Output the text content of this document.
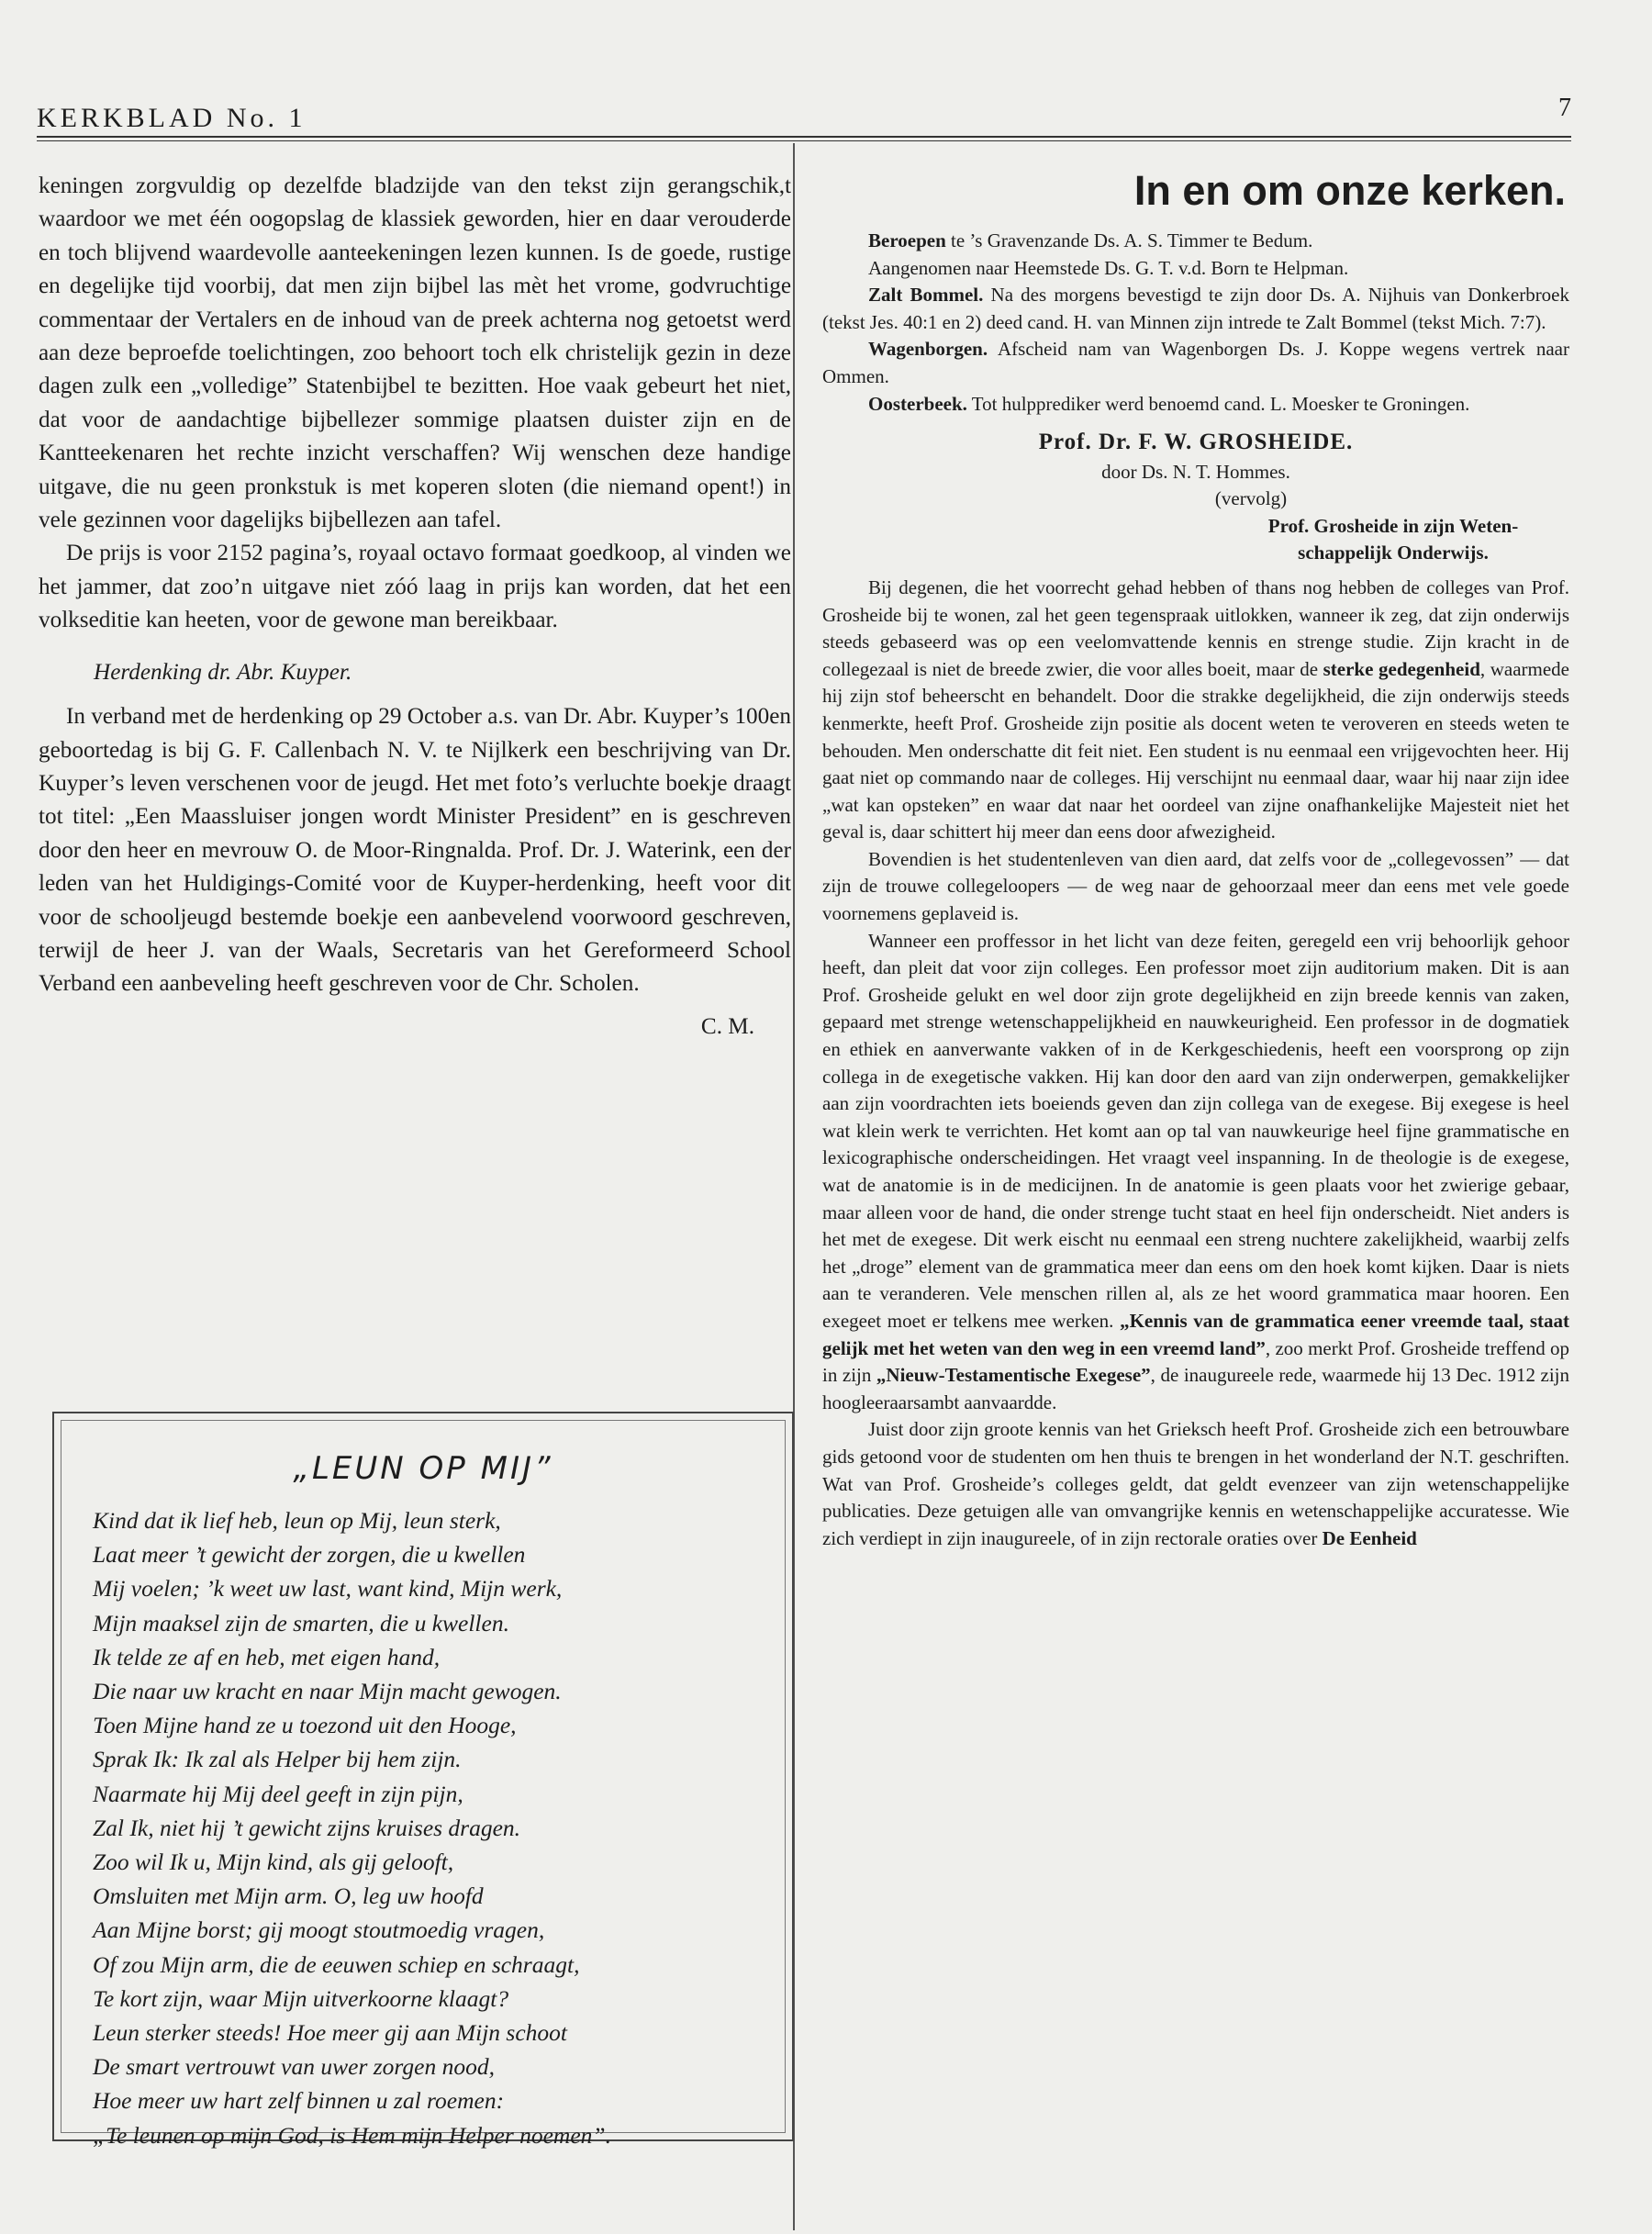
KERKBLAD No. 1	7

keningen zorgvuldig op dezelfde bladzijde van den tekst zijn gerangschik,t waardoor we met één oogopslag de klassiek geworden, hier en daar verouderde en toch blijvend waardevolle aanteekeningen lezen kunnen. Is de goede, rustige en degelijke tijd voorbij, dat men zijn bijbel las mèt het vrome, godvruchtige commentaar der Vertalers en de inhoud van de preek achterna nog getoetst werd aan deze beproefde toelichtingen, zoo behoort toch elk christelijk gezin in deze dagen zulk een „volledige” Statenbijbel te bezitten. Hoe vaak gebeurt het niet, dat voor de aandachtige bijbellezer sommige plaatsen duister zijn en de Kantteekenaren het rechte inzicht verschaffen? Wij wenschen deze handige uitgave, die nu geen pronkstuk is met koperen sloten (die niemand opent!) in vele gezinnen voor dagelijks bijbellezen aan tafel.

De prijs is voor 2152 pagina’s, royaal octavo formaat goedkoop, al vinden we het jammer, dat zoo’n uitgave niet zóó laag in prijs kan worden, dat het een volkseditie kan heeten, voor de gewone man bereikbaar.

Herdenking dr. Abr. Kuyper.

In verband met de herdenking op 29 October a.s. van Dr. Abr. Kuyper’s 100en geboortedag is bij G. F. Callenbach N. V. te Nijlkerk een beschrijving van Dr. Kuyper’s leven verschenen voor de jeugd. Het met foto’s verluchte boekje draagt tot titel: „Een Maassluiser jongen wordt Minister President” en is geschreven door den heer en mevrouw O. de Moor-Ringnalda. Prof. Dr. J. Waterink, een der leden van het Huldigings-Comité voor de Kuyper-herdenking, heeft voor dit voor de schooljeugd bestemde boekje een aanbevelend voorwoord geschreven, terwijl de heer J. van der Waals, Secretaris van het Gereformeerd School Verband een aanbeveling heeft geschreven voor de Chr. Scholen.

C. M.

„LEUN OP MIJ”
Kind dat ik lief heb, leun op Mij, leun sterk,
Laat meer ’t gewicht der zorgen, die u kwellen
Mij voelen; ’k weet uw last, want kind, Mijn werk,
Mijn maaksel zijn de smarten, die u kwellen.
Ik telde ze af en heb, met eigen hand,
Die naar uw kracht en naar Mijn macht gewogen.
Toen Mijne hand ze u toezond uit den Hooge,
Sprak Ik: Ik zal als Helper bij hem zijn.
Naarmate hij Mij deel geeft in zijn pijn,
Zal Ik, niet hij ’t gewicht zijns kruises dragen.
Zoo wil Ik u, Mijn kind, als gij gelooft,
Omsluiten met Mijn arm. O, leg uw hoofd
Aan Mijne borst; gij moogt stoutmoedig vragen,
Of zou Mijn arm, die de eeuwen schiep en schraagt,
Te kort zijn, waar Mijn uitverkoorne klaagt?
Leun sterker steeds! Hoe meer gij aan Mijn schoot
De smart vertrouwt van uwer zorgen nood,
Hoe meer uw hart zelf binnen u zal roemen:
„Te leunen op mijn God, is Hem mijn Helper noemen”.
In en om onze kerken.

Beroepen te ’s Gravenzande Ds. A. S. Timmer te Bedum.

Aangenomen naar Heemstede Ds. G. T. v.d. Born te Helpman.

Zalt Bommel. Na des morgens bevestigd te zijn door Ds. A. Nijhuis van Donkerbroek (tekst Jes. 40:1 en 2) deed cand. H. van Minnen zijn intrede te Zalt Bommel (tekst Mich. 7:7).

Wagenborgen. Afscheid nam van Wagenborgen Ds. J. Koppe wegens vertrek naar Ommen.

Oosterbeek. Tot hulpprediker werd benoemd cand. L. Moesker te Groningen.

Prof. Dr. F. W. GROSHEIDE.
door Ds. N. T. Hommes.
(vervolg)
Prof. Grosheide in zijn Weten-
schappelijk Onderwijs.

Bij degenen, die het voorrecht gehad hebben of thans nog hebben de colleges van Prof. Grosheide bij te wonen, zal het geen tegenspraak uitlokken, wanneer ik zeg, dat zijn onderwijs steeds gebaseerd was op een veelomvattende kennis en strenge studie. Zijn kracht in de collegezaal is niet de breede zwier, die voor alles boeit, maar de sterke gedegenheid, waarmede hij zijn stof beheerscht en behandelt. Door die strakke degelijkheid, die zijn onderwijs steeds kenmerkte, heeft Prof. Grosheide zijn positie als docent weten te veroveren en steeds weten te behouden. Men onderschatte dit feit niet. Een student is nu eenmaal een vrijgevochten heer. Hij gaat niet op commando naar de colleges. Hij verschijnt nu eenmaal daar, waar hij naar zijn idee „wat kan opsteken” en waar dat naar het oordeel van zijne onafhankelijke Majesteit niet het geval is, daar schittert hij meer dan eens door afwezigheid.

Bovendien is het studentenleven van dien aard, dat zelfs voor de „collegevossen” — dat zijn de trouwe collegeloopers — de weg naar de gehoorzaal meer dan eens met vele goede voornemens geplaveid is.

Wanneer een proffessor in het licht van deze feiten, geregeld een vrij behoorlijk gehoor heeft, dan pleit dat voor zijn colleges. Een professor moet zijn auditorium maken. Dit is aan Prof. Grosheide gelukt en wel door zijn grote degelijkheid en zijn breede kennis van zaken, gepaard met strenge wetenschappelijkheid en nauwkeurigheid. Een professor in de dogmatiek en ethiek en aanverwante vakken of in de Kerkgeschiedenis, heeft een voorsprong op zijn collega in de exegetische vakken. Hij kan door den aard van zijn onderwerpen, gemakkelijker aan zijn voordrachten iets boeiends geven dan zijn collega van de exegese. Bij exegese is heel wat klein werk te verrichten. Het komt aan op tal van nauwkeurige heel fijne grammatische en lexicographische onderscheidingen. Het vraagt veel inspanning. In de theologie is de exegese, wat de anatomie is in de medicijnen. In de anatomie is geen plaats voor het zwierige gebaar, maar alleen voor de hand, die onder strenge tucht staat en heel fijn onderscheidt. Niet anders is het met de exegese. Dit werk eischt nu eenmaal een streng nuchtere zakelijkheid, waarbij zelfs het „droge” element van de grammatica meer dan eens om den hoek komt kijken. Daar is niets aan te veranderen. Vele menschen rillen al, als ze het woord grammatica maar hooren. Een exegeet moet er telkens mee werken. „Kennis van de grammatica eener vreemde taal, staat gelijk met het weten van den weg in een vreemd land”, zoo merkt Prof. Grosheide treffend op in zijn „Nieuw-Testamentische Exegese”, de inaugureele rede, waarmede hij 13 Dec. 1912 zijn hoogleeraarsambt aanvaardde.

Juist door zijn groote kennis van het Grieksch heeft Prof. Grosheide zich een betrouwbare gids getoond voor de studenten om hen thuis te brengen in het wonderland der N.T. geschriften. Wat van Prof. Grosheide’s colleges geldt, dat geldt evenzeer van zijn wetenschappelijke publicaties. Deze getuigen alle van omvangrijke kennis en wetenschappelijke accuratesse. Wie zich verdiept in zijn inaugureele, of in zijn rectorale oraties over De Eenheid
